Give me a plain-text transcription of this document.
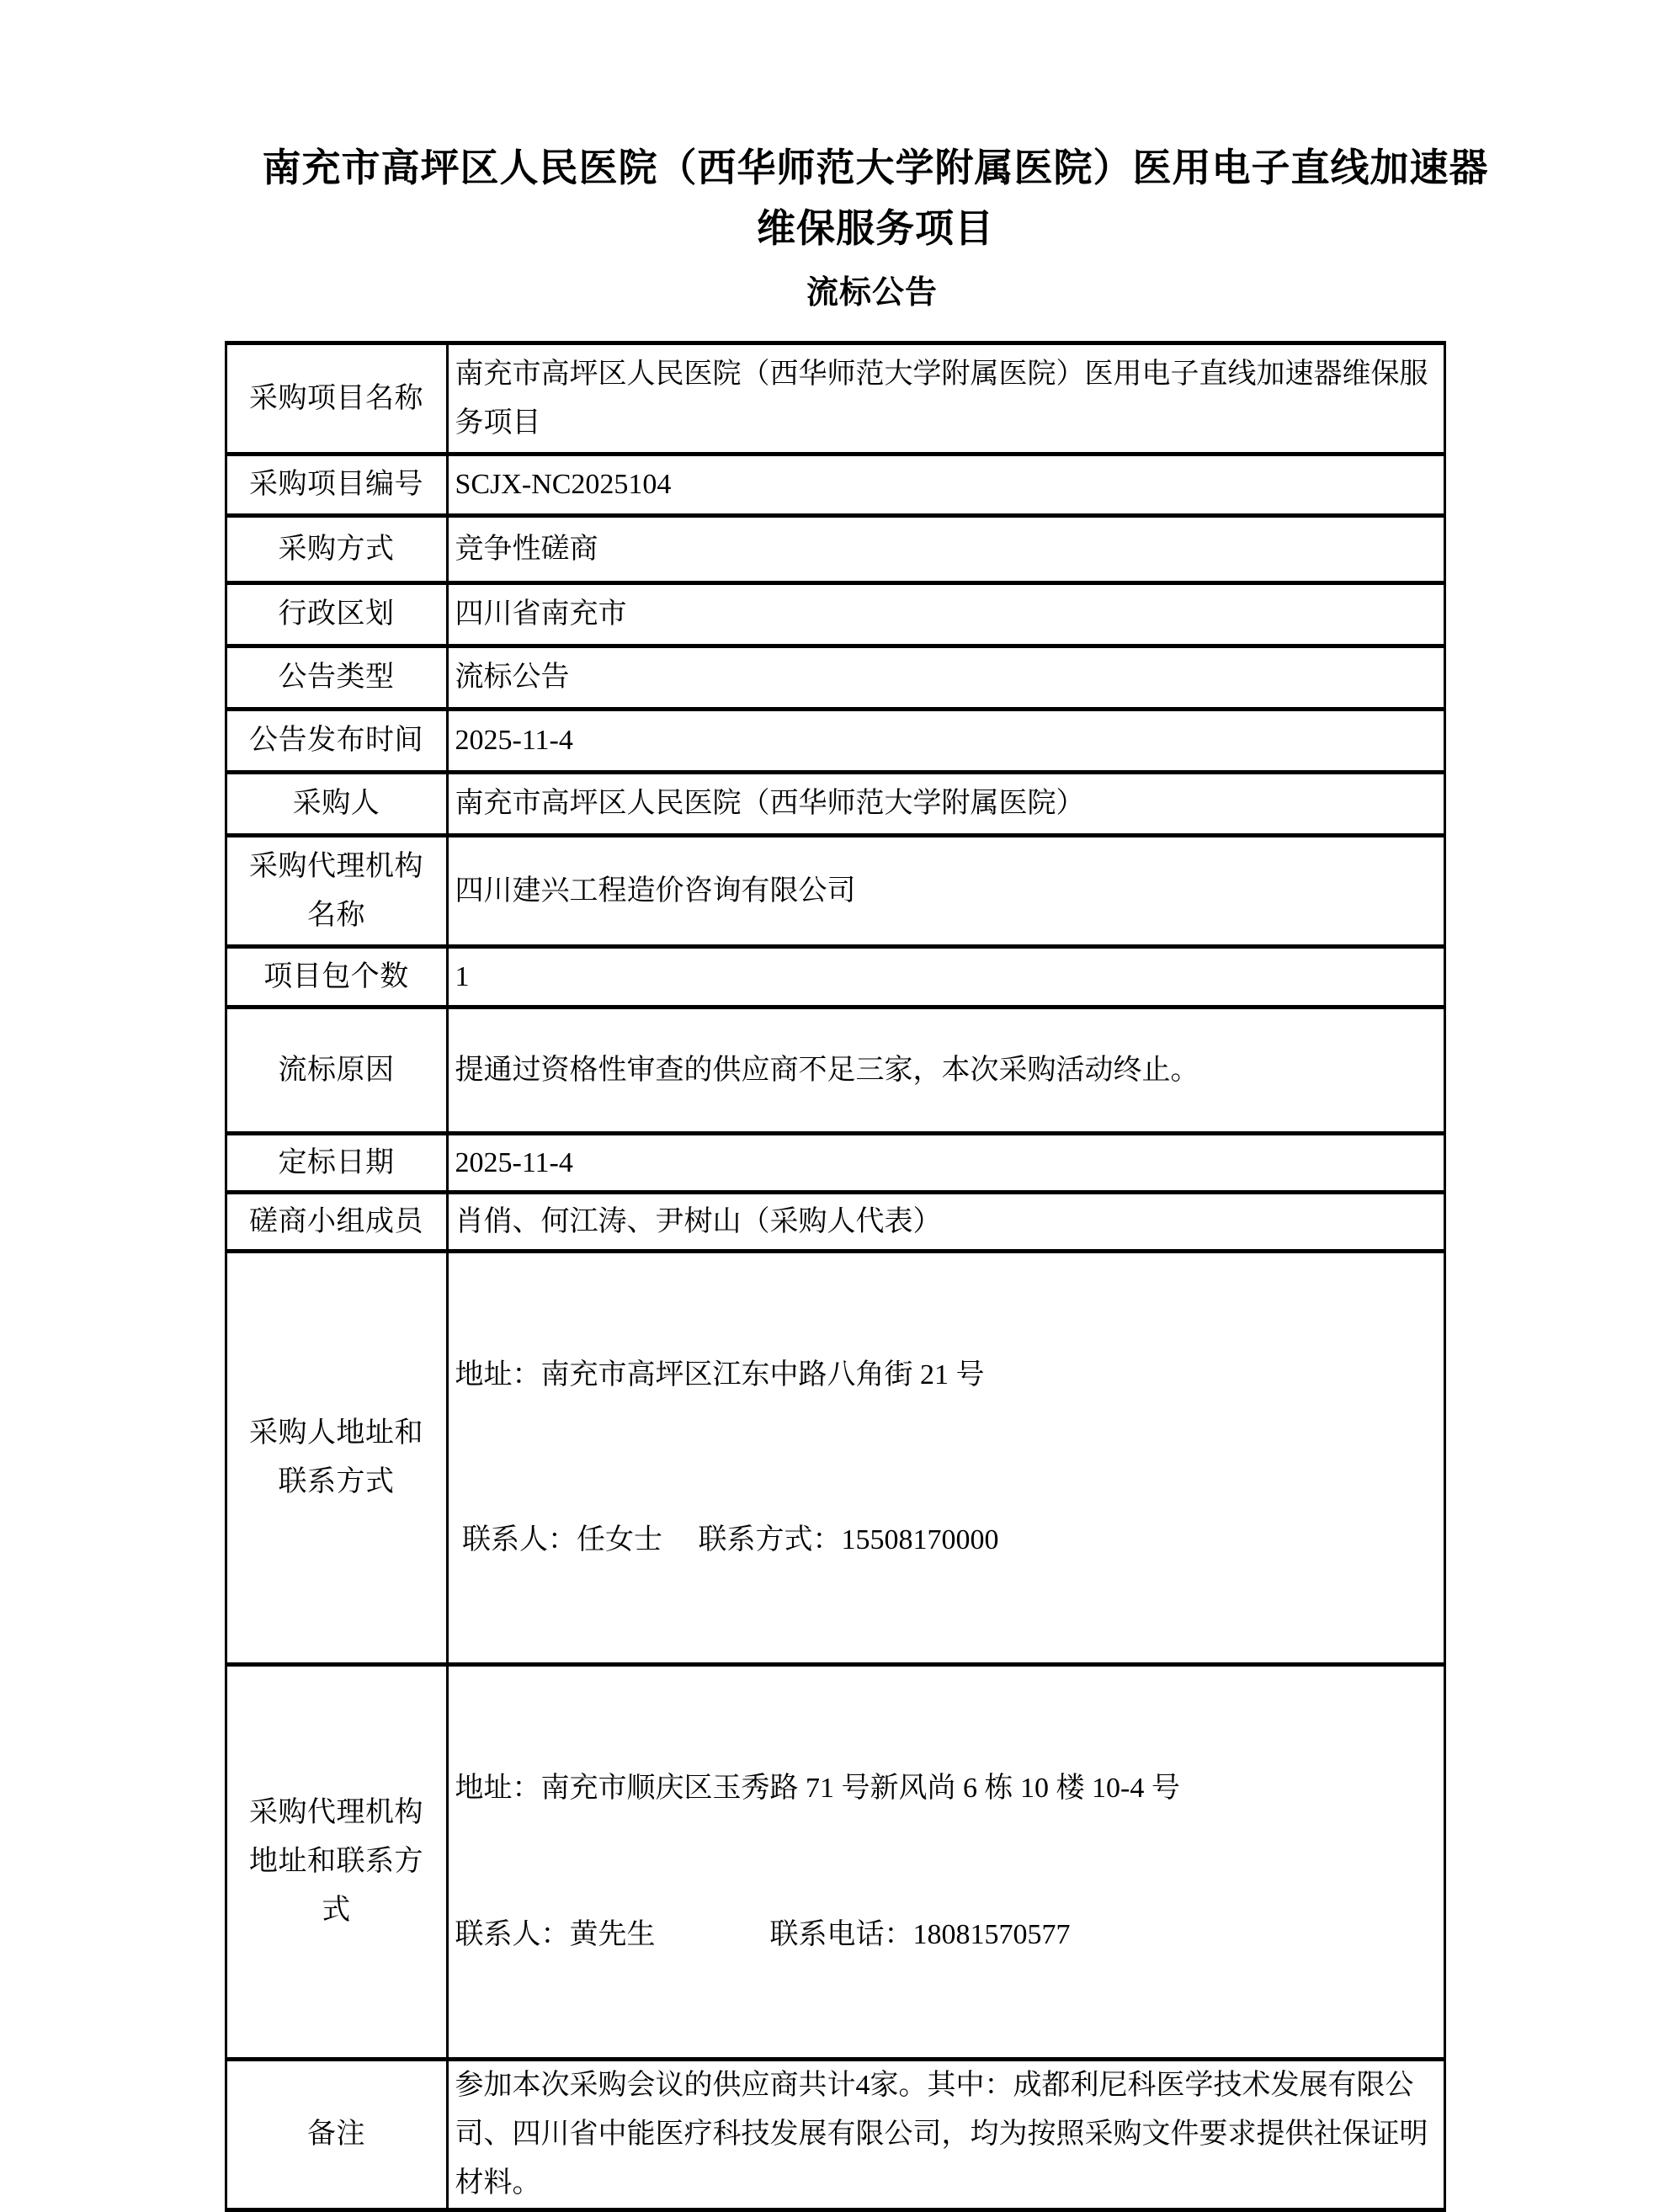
南充市高坪区人民医院（西华师范大学附属医院）医用电子直线加速器维保服务项目
流标公告
采购项目名称	南充市高坪区人民医院（西华师范大学附属医院）医用电子直线加速器维保服务项目
采购项目编号	SCJX-NC2025104
采购方式	竞争性磋商
行政区划	四川省南充市
公告类型	流标公告
公告发布时间	2025-11-4
采购人	南充市高坪区人民医院（西华师范大学附属医院）
采购代理机构名称	四川建兴工程造价咨询有限公司
项目包个数	1
流标原因	提通过资格性审查的供应商不足三家，本次采购活动终止。
定标日期	2025-11-4
磋商小组成员	肖俏、何江涛、尹树山（采购人代表）
采购人地址和联系方式	地址：南充市高坪区江东中路八角街 21 号

联系人：任女士　 联系方式：15508170000

采购代理机构地址和联系方式	地址：南充市顺庆区玉秀路 71 号新风尚 6 栋 10 楼 10-4 号

联系人：黄先生　　　　联系电话：18081570577

备注	参加本次采购会议的供应商共计4家。其中：成都利尼科医学技术发展有限公司、四川省中能医疗科技发展有限公司，均为按照采购文件要求提供社保证明材料。
